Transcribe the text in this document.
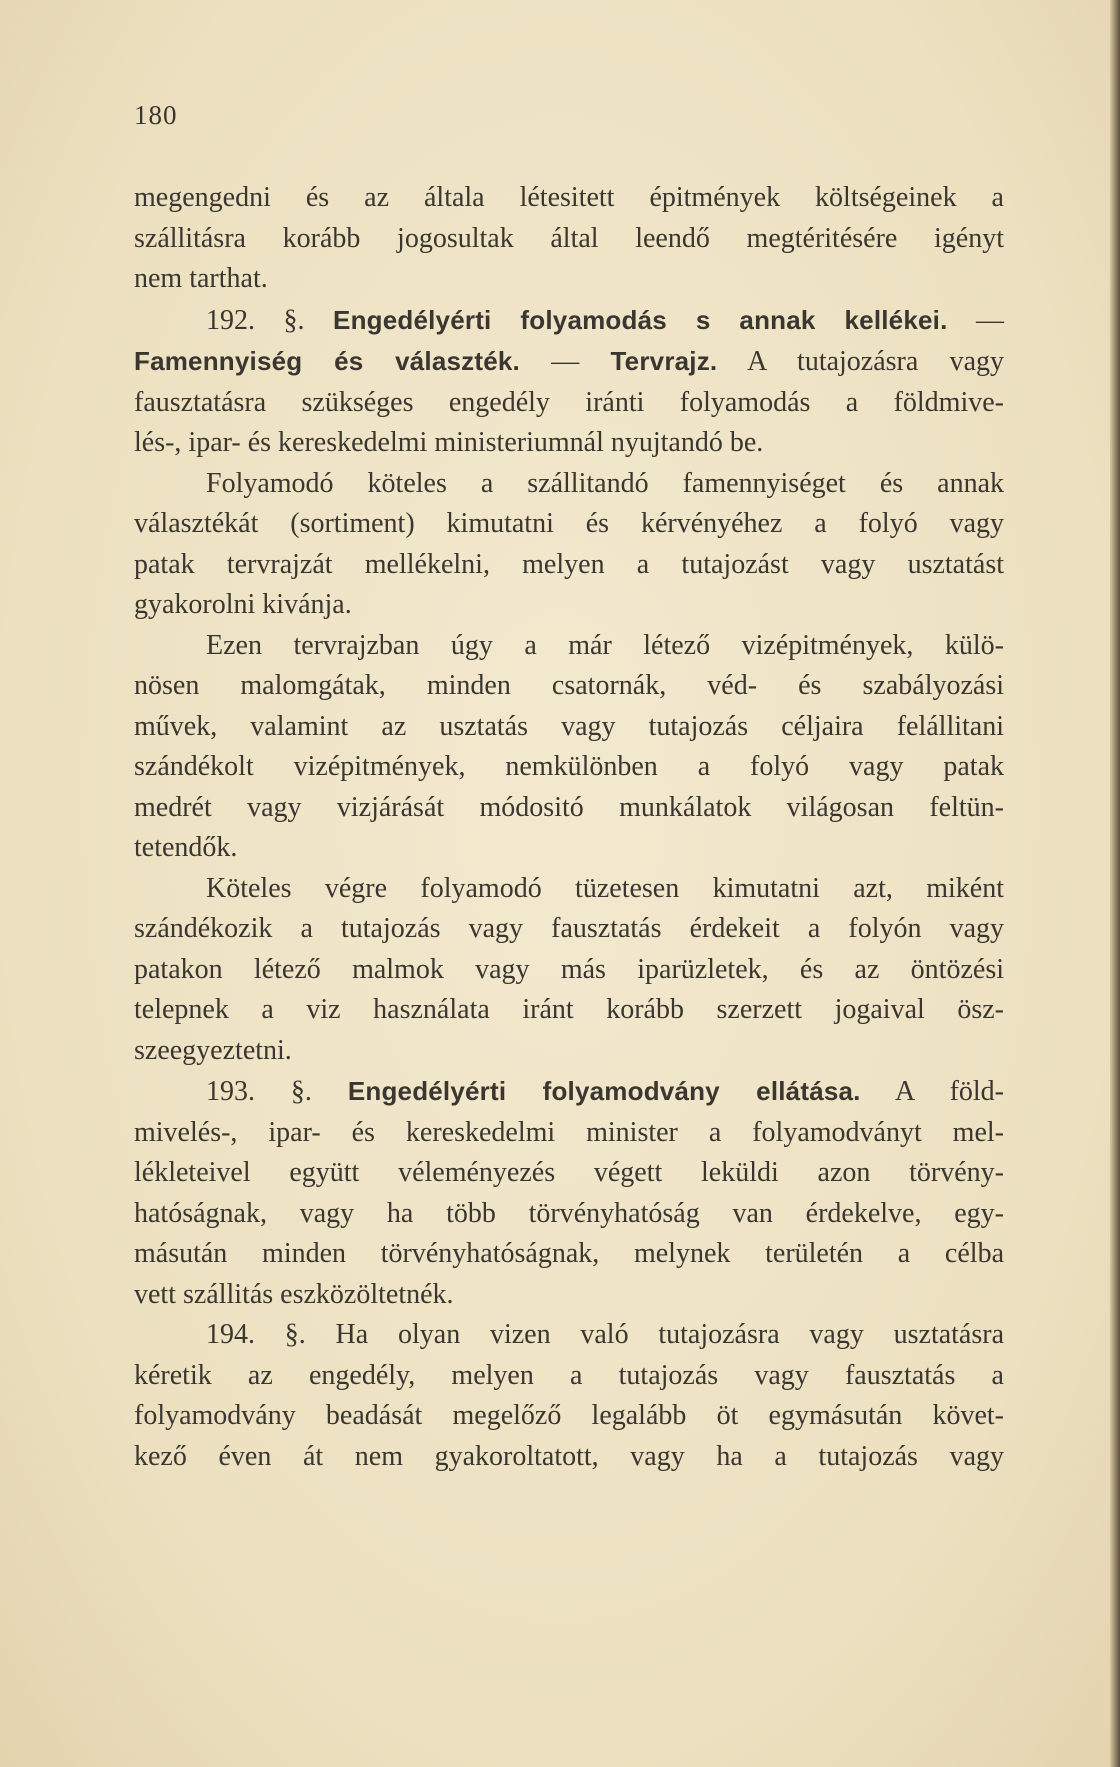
180
megengedni és az általa létesitett épitmények költségeinek a
szállitásra korább jogosultak által leendő megtéritésére igényt
nem tarthat.
192. §. Engedélyérti folyamodás s annak kellékei. —
Famennyiség és választék. — Tervrajz. A tutajozásra vagy
fausztatásra szükséges engedély iránti folyamodás a földmive-
lés-, ipar- és kereskedelmi ministeriumnál nyujtandó be.
Folyamodó köteles a szállitandó famennyiséget és annak
választékát (sortiment) kimutatni és kérvényéhez a folyó vagy
patak tervrajzát mellékelni, melyen a tutajozást vagy usztatást
gyakorolni kivánja.
Ezen tervrajzban úgy a már létező vizépitmények, külö-
nösen malomgátak, minden csatornák, véd- és szabályozási
művek, valamint az usztatás vagy tutajozás céljaira felállitani
szándékolt vizépitmények, nemkülönben a folyó vagy patak
medrét vagy vizjárását módositó munkálatok világosan feltün-
tetendők.
Köteles végre folyamodó tüzetesen kimutatni azt, miként
szándékozik a tutajozás vagy fausztatás érdekeit a folyón vagy
patakon létező malmok vagy más iparüzletek, és az öntözési
telepnek a viz használata iránt korább szerzett jogaival ösz-
szeegyeztetni.
193. §. Engedélyérti folyamodvány ellátása. A föld-
mivelés-, ipar- és kereskedelmi minister a folyamodványt mel-
lékleteivel együtt véleményezés végett leküldi azon törvény-
hatóságnak, vagy ha több törvényhatóság van érdekelve, egy-
másután minden törvényhatóságnak, melynek területén a célba
vett szállitás eszközöltetnék.
194. §. Ha olyan vizen való tutajozásra vagy usztatásra
kéretik az engedély, melyen a tutajozás vagy fausztatás a
folyamodvány beadását megelőző legalább öt egymásután követ-
kező éven át nem gyakoroltatott, vagy ha a tutajozás vagy
